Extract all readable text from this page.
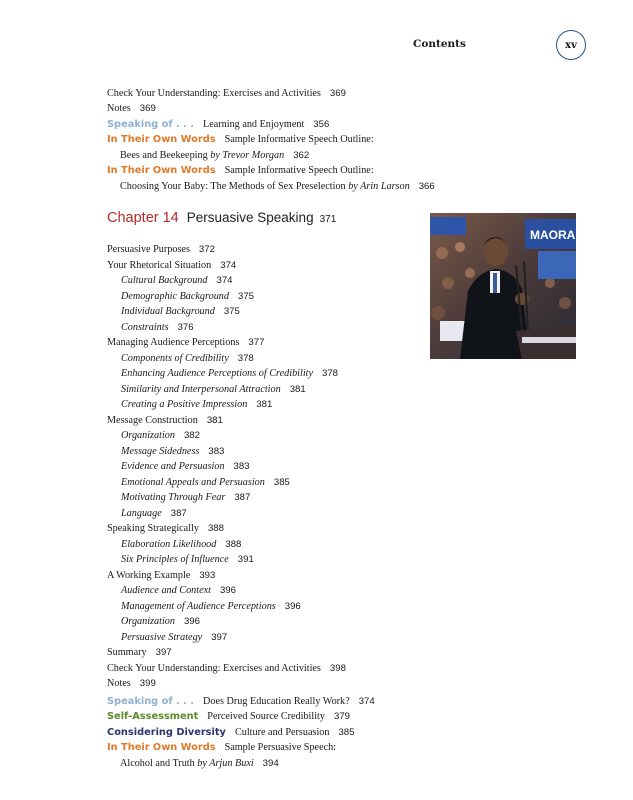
Contents	xv
Check Your Understanding: Exercises and Activities 369
Notes 369
Speaking of . . . Learning and Enjoyment 356
In Their Own Words Sample Informative Speech Outline:
Bees and Beekeeping by Trevor Morgan 362
In Their Own Words Sample Informative Speech Outline:
Choosing Your Baby: The Methods of Sex Preselection by Arin Larson 366
Chapter 14 Persuasive Speaking 371
MAORA
Persuasive Purposes 372
Your Rhetorical Situation 374
Cultural Background 374
Demographic Background 375
Individual Background 375
Constraints 376
Managing Audience Perceptions 377
Components of Credibility 378
Enhancing Audience Perceptions of Credibility 378
Similarity and Interpersonal Attraction 381
Creating a Positive Impression 381
Message Construction 381
Organization 382
Message Sidedness 383
Evidence and Persuasion 383
Emotional Appeals and Persuasion 385
Motivating Through Fear 387
Language 387
Speaking Strategically 388
Elaboration Likelihood 388
Six Principles of Influence 391
A Working Example 393
Audience and Context 396
Management of Audience Perceptions 396
Organization 396
Persuasive Strategy 397
Summary 397
Check Your Understanding: Exercises and Activities 398
Notes 399
Speaking of . . . Does Drug Education Really Work? 374
Self-Assessment Perceived Source Credibility 379
Considering Diversity Culture and Persuasion 385
In Their Own Words Sample Persuasive Speech:
Alcohol and Truth by Arjun Buxi 394
